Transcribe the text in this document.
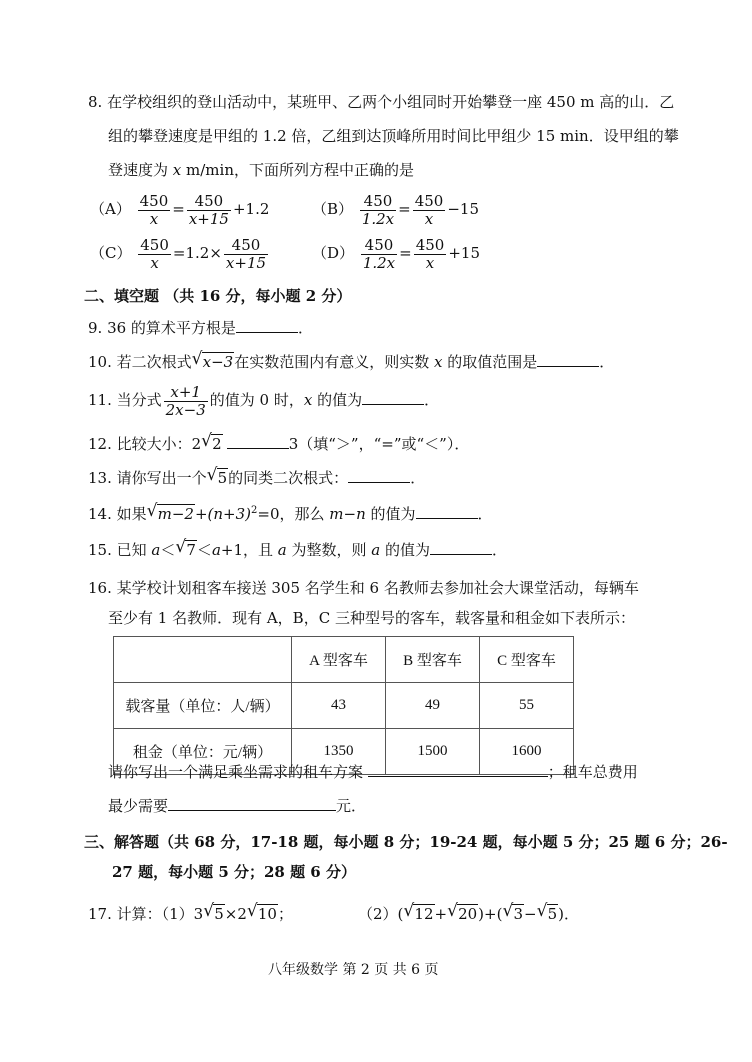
8. 在学校组织的登山活动中，某班甲、乙两个小组同时开始攀登一座 450 m 高的山．乙
组的攀登速度是甲组的 1.2 倍，乙组到达顶峰所用时间比甲组少 15 min．设甲组的攀
登速度为 x m/min，下面所列方程中正确的是
$(A) \frac{450}{x} = \frac{450}{x+15} +1.2$	$(B) \frac{450}{1.2x} = \frac{450}{x} -15$
$(C) \frac{450}{x} =1.2\times \frac{450}{x+15}$	$(D) \frac{450}{1.2x} = \frac{450}{x} +15$
二、填空题 （共 16 分，每小题 2 分）
9. 36 的算术平方根是	．
10. 若二次根式 √ x−3在实数范围内有意义，则实数 x 的取值范围是	．
11. 当分式 $\frac{x+1}{2x-3}$ 的值为 0 时，x 的值为	．
12. 比较大小：2 √ 2	3（填“＞”，“=”或“＜”）．
13. 请你写出一个 √ 5的同类二次根式：	．
14. 如果 √ $m-2+(n+3)^2=0$，那么 m−n 的值为	．
15. 已知 a＜ √ 7＜a+1，且 a 为整数，则 a 的值为	．
16. 某学校计划租客车接送 305 名学生和 6 名教师去参加社会大课堂活动，每辆车
至少有 1 名教师．现有 A，B，C 三种型号的客车，载客量和租金如下表所示：
	A 型客车	B 型客车	C 型客车
载客量（单位：人/辆）	43	49	55
租金（单位：元/辆）	1350	1500	1600
请你写出一个满足乘坐需求的租车方案	；租车总费用
最少需要	元．
三、解答题（共 68 分，17-18 题，每小题 8 分；19-24 题，每小题 5 分；25 题 6 分；26-
27 题，每小题 5 分；28 题 6 分）
17. 计算：（1）3 √ 5×2 √ 10；	（2）( √ 12+ √ 20)+( √ 3− √ 5)．
八年级数学 第 2 页 共 6 页
